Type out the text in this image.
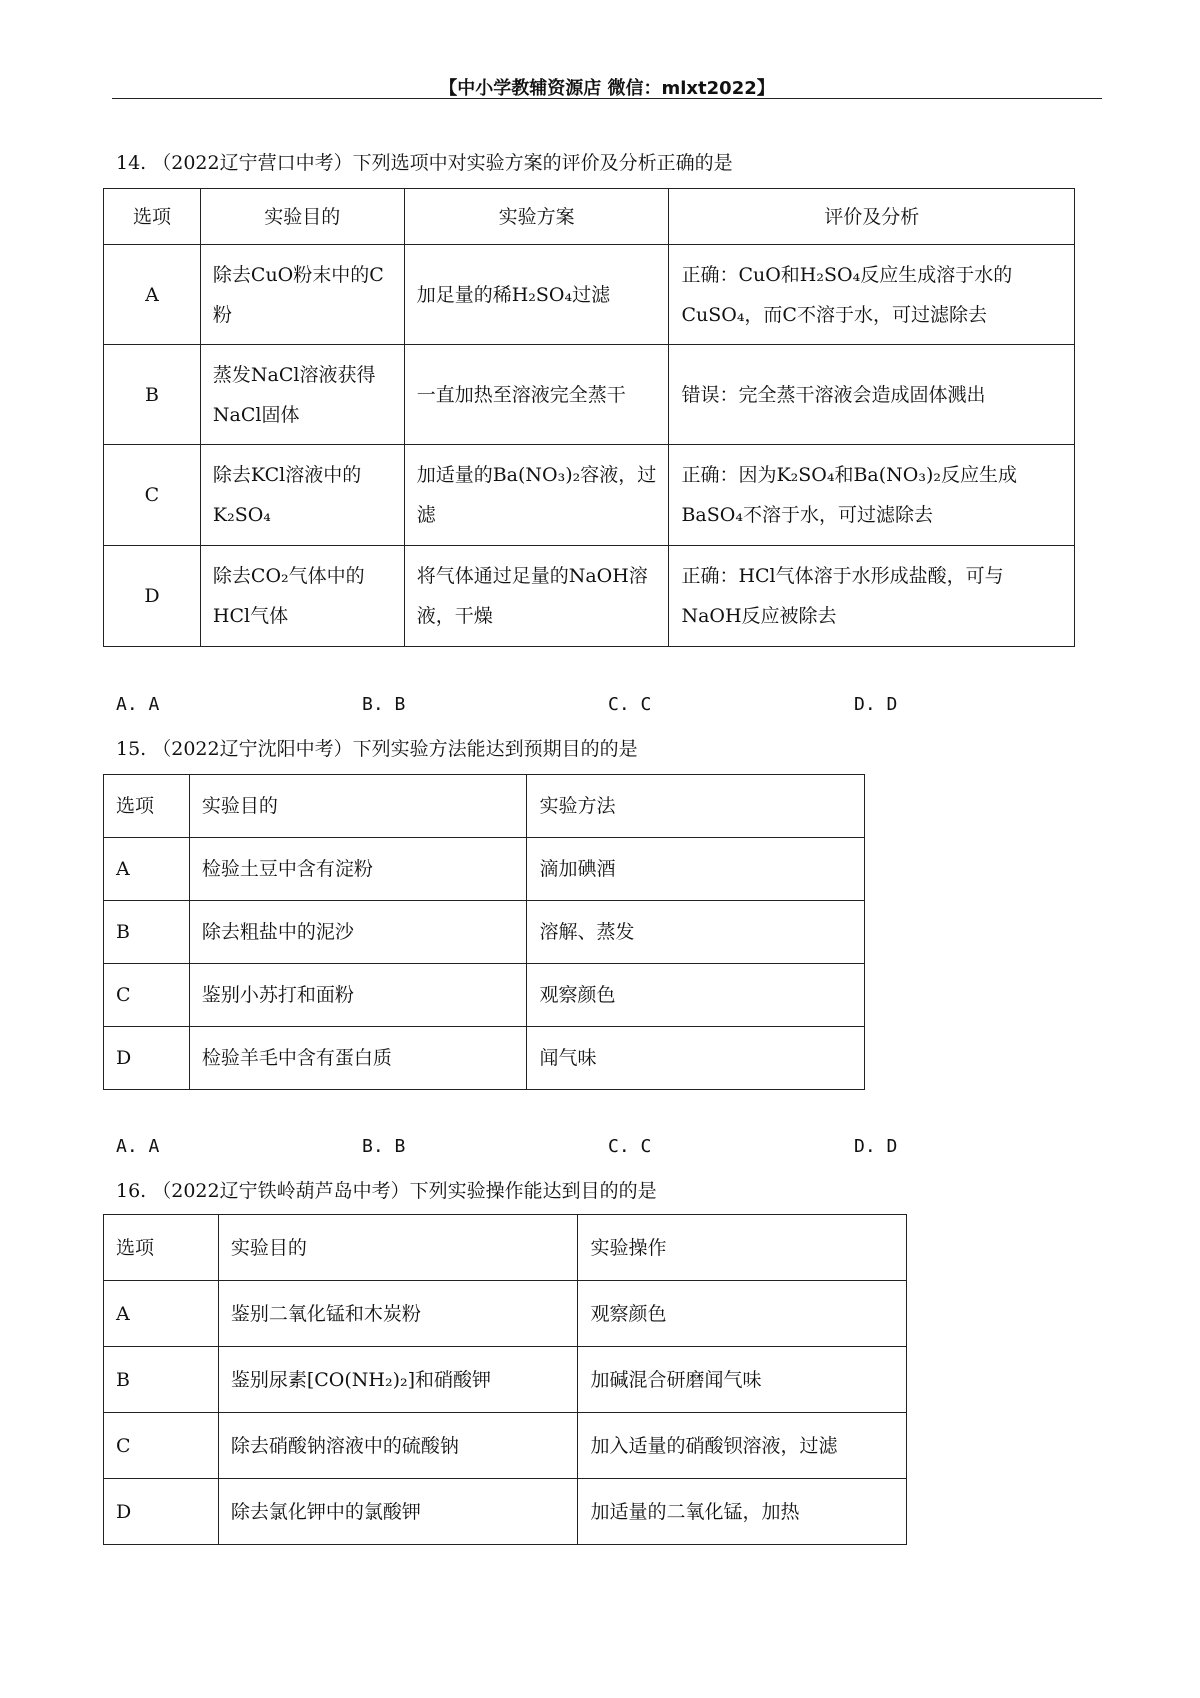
【中小学教辅资源店 微信：mlxt2022】
14. （2022辽宁营口中考）下列选项中对实验方案的评价及分析正确的是
选项	实验目的	实验方案	评价及分析
A	除去CuO粉末中的C粉	加足量的稀H₂SO₄过滤	正确：CuO和H₂SO₄反应生成溶于水的CuSO₄，而C不溶于水，可过滤除去
B	蒸发NaCl溶液获得NaCl固体	一直加热至溶液完全蒸干	错误：完全蒸干溶液会造成固体溅出
C	除去KCl溶液中的K₂SO₄	加适量的Ba(NO₃)₂容液，过滤	正确：因为K₂SO₄和Ba(NO₃)₂反应生成BaSO₄不溶于水，可过滤除去
D	除去CO₂气体中的HCl气体	将气体通过足量的NaOH溶液，干燥	正确：HCl气体溶于水形成盐酸，可与NaOH反应被除去
A. A	B. B	C. C	D. D
15. （2022辽宁沈阳中考）下列实验方法能达到预期目的的是
选项	实验目的	实验方法
A	检验土豆中含有淀粉	滴加碘酒
B	除去粗盐中的泥沙	溶解、蒸发
C	鉴别小苏打和面粉	观察颜色
D	检验羊毛中含有蛋白质	闻气味
A. A	B. B	C. C	D. D
16. （2022辽宁铁岭葫芦岛中考）下列实验操作能达到目的的是
选项	实验目的	实验操作
A	鉴别二氧化锰和木炭粉	观察颜色
B	鉴别尿素[CO(NH₂)₂]和硝酸钾	加碱混合研磨闻气味
C	除去硝酸钠溶液中的硫酸钠	加入适量的硝酸钡溶液，过滤
D	除去氯化钾中的氯酸钾	加适量的二氧化锰，加热
